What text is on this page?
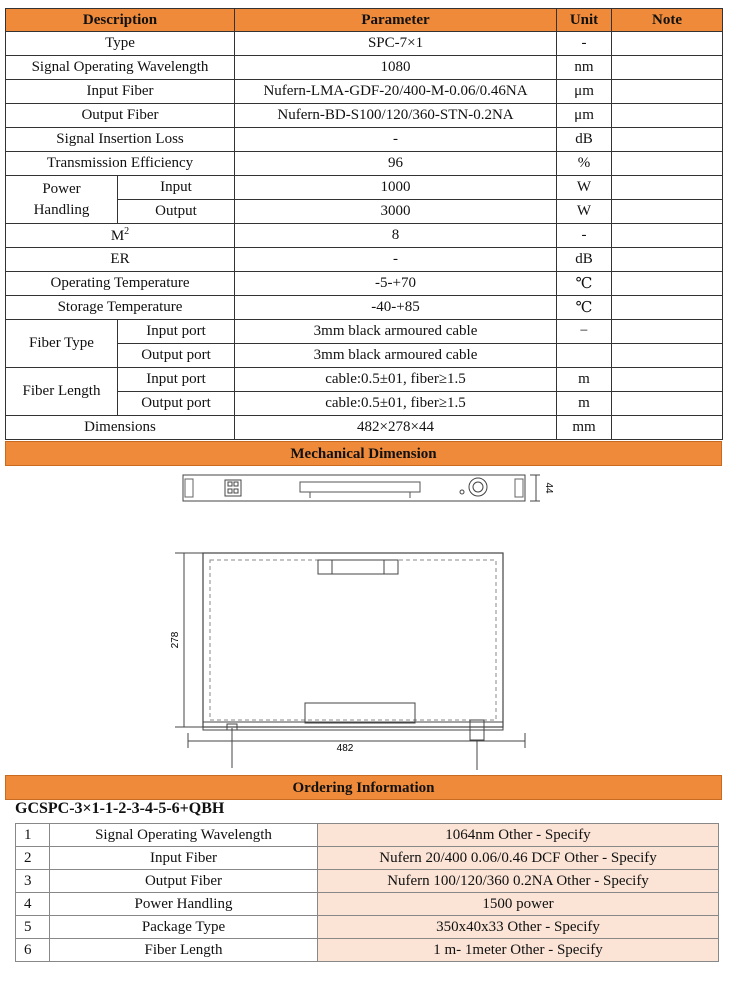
Description		Parameter	Unit	Note
Type		SPC-7×1	-	
Signal Operating Wavelength		1080	nm	
Input Fiber		Nufern-LMA-GDF-20/400-M-0.06/0.46NA	μm	
Output Fiber		Nufern-BD-S100/120/360-STN-0.2NA	μm	
Signal Insertion Loss		-	dB	
Transmission Efficiency		96	%	
Power
Handling	Input	1000	W	
	Output	3000	W	
$M^2$		8	-	
ER		-	dB	
Operating Temperature		-5-+70	℃	
Storage Temperature		-40-+85	℃	
Fiber Type	Input port	3mm black armoured cable	−	
	Output port	3mm black armoured cable		
Fiber Length	Input port	cable:0.5±01, fiber≥1.5	m	
	Output port	cable:0.5±01, fiber≥1.5	m	
Dimensions		482×278×44	mm	
Mechanical Dimension
44
278
482
Ordering Information
GCSPC-3×1-1-2-3-4-5-6+QBH
1	Signal Operating Wavelength	1064nm Other - Specify
2	Input Fiber	Nufern 20/400 0.06/0.46 DCF Other - Specify
3	Output Fiber	Nufern 100/120/360 0.2NA Other - Specify
4	Power Handling	1500 power
5	Package Type	350x40x33 Other - Specify
6	Fiber Length	1 m- 1meter Other - Specify
